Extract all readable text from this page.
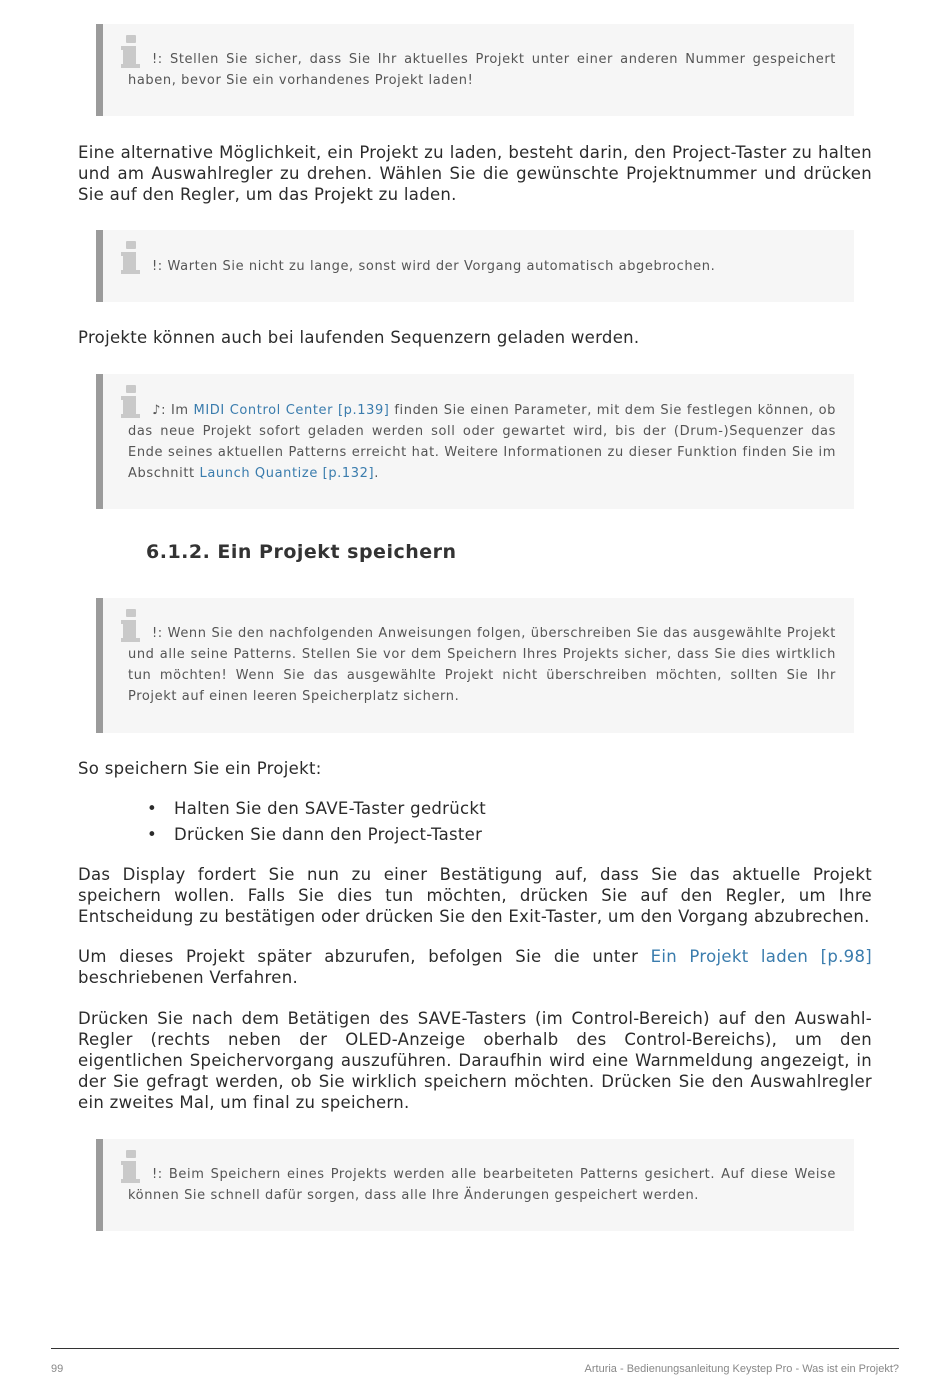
!: Stellen Sie sicher, dass Sie Ihr aktuelles Projekt unter einer anderen Nummer gespeichert haben, bevor Sie ein vorhandenes Projekt laden!
Eine alternative Möglichkeit, ein Projekt zu laden, besteht darin, den Project-Taster zu halten und am Auswahlregler zu drehen. Wählen Sie die gewünschte Projektnummer und drücken Sie auf den Regler, um das Projekt zu laden.
!: Warten Sie nicht zu lange, sonst wird der Vorgang automatisch abgebrochen.
Projekte können auch bei laufenden Sequenzern geladen werden.
♪: Im MIDI Control Center [p.139] finden Sie einen Parameter, mit dem Sie festlegen können, ob das neue Projekt sofort geladen werden soll oder gewartet wird, bis der (Drum-)Sequenzer das Ende seines aktuellen Patterns erreicht hat. Weitere Informationen zu dieser Funktion finden Sie im Abschnitt Launch Quantize [p.132].
6.1.2. Ein Projekt speichern
!: Wenn Sie den nachfolgenden Anweisungen folgen, überschreiben Sie das ausgewählte Projekt und alle seine Patterns. Stellen Sie vor dem Speichern Ihres Projekts sicher, dass Sie dies wirtklich tun möchten! Wenn Sie das ausgewählte Projekt nicht überschreiben möchten, sollten Sie Ihr Projekt auf einen leeren Speicherplatz sichern.
So speichern Sie ein Projekt:
• Halten Sie den SAVE-Taster gedrückt
• Drücken Sie dann den Project-Taster
Das Display fordert Sie nun zu einer Bestätigung auf, dass Sie das aktuelle Projekt speichern wollen. Falls Sie dies tun möchten, drücken Sie auf den Regler, um Ihre Entscheidung zu bestätigen oder drücken Sie den Exit-Taster, um den Vorgang abzubrechen.
Um dieses Projekt später abzurufen, befolgen Sie die unter Ein Projekt laden [p.98] beschriebenen Verfahren.
Drücken Sie nach dem Betätigen des SAVE-Tasters (im Control-Bereich) auf den Auswahl-Regler (rechts neben der OLED-Anzeige oberhalb des Control-Bereichs), um den eigentlichen Speichervorgang auszuführen. Daraufhin wird eine Warnmeldung angezeigt, in der Sie gefragt werden, ob Sie wirklich speichern möchten. Drücken Sie den Auswahlregler ein zweites Mal, um final zu speichern.
!: Beim Speichern eines Projekts werden alle bearbeiteten Patterns gesichert. Auf diese Weise können Sie schnell dafür sorgen, dass alle Ihre Änderungen gespeichert werden.
99	Arturia - Bedienungsanleitung Keystep Pro - Was ist ein Projekt?
